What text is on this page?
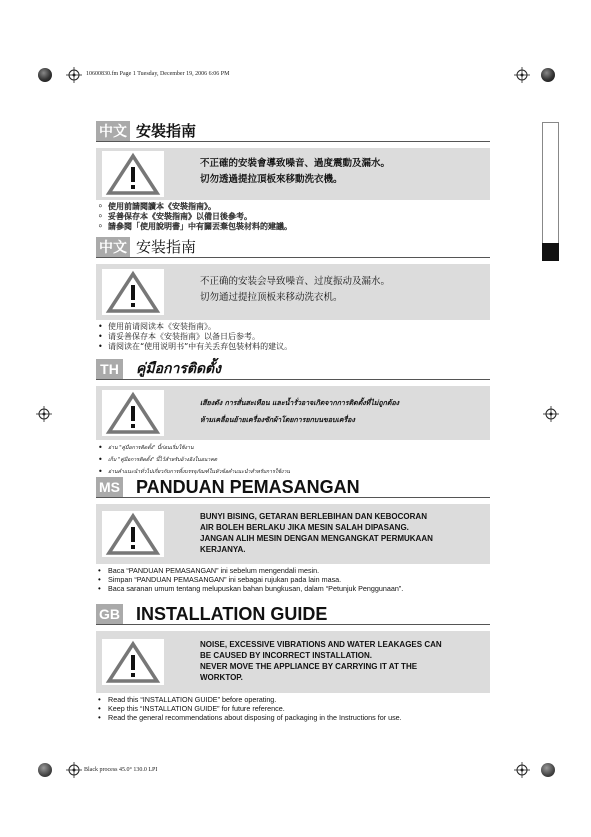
10600830.fm Page 1 Tuesday, December 19, 2006 6:06 PM
中文 安裝指南
不正確的安裝會導致噪音、過度震動及漏水。
切勿透過提拉頂板來移動洗衣機。
• 使用前請閱讀本《安裝指南》。
• 妥善保存本《安裝指南》以備日後參考。
• 請參閱「使用說明書」中有關丟棄包裝材料的建議。
中文 安装指南
不正确的安装会导致噪音、过度振动及漏水。
切勿通过提拉顶板来移动洗衣机。
• 使用前请阅读本《安装指南》。
• 请妥善保存本《安装指南》以备日后参考。
• 请阅读在“使用说明书”中有关丢弃包装材料的建议。
TH คู่มือการติดตั้ง
เสียงดัง การสั่นสะเทือน และน้ำรั่วอาจเกิดจากการติดตั้งที่ไม่ถูกต้อง
ห้ามเคลื่อนย้ายเครื่องซักผ้าโดยการยกบนขอบเครื่อง
• อ่าน "คู่มือการติดตั้ง" นี้ก่อนเริ่มใช้งาน
• เก็บ "คู่มือการติดตั้ง" นี้ไว้สำหรับอ้างอิงในอนาคต
• อ่านคำแนะนำทั่วไปเกี่ยวกับการทิ้งบรรจุภัณฑ์ในหัวข้อคำแนะนำสำหรับการใช้งาน
MS PANDUAN PEMASANGAN
BUNYI BISING, GETARAN BERLEBIHAN DAN KEBOCORAN
AIR BOLEH BERLAKU JIKA MESIN SALAH DIPASANG.
JANGAN ALIH MESIN DENGAN MENGANGKAT PERMUKAAN
KERJANYA.
• Baca “PANDUAN PEMASANGAN” ini sebelum mengendali mesin.
• Simpan “PANDUAN PEMASANGAN” ini sebagai rujukan pada lain masa.
• Baca saranan umum tentang melupuskan bahan bungkusan, dalam “Petunjuk Penggunaan”.
GB INSTALLATION GUIDE
NOISE, EXCESSIVE VIBRATIONS AND WATER LEAKAGES CAN
BE CAUSED BY INCORRECT INSTALLATION.
NEVER MOVE THE APPLIANCE BY CARRYING IT AT THE
WORKTOP.
• Read this “INSTALLATION GUIDE” before operating.
• Keep this “INSTALLATION GUIDE” for future reference.
• Read the general recommendations about disposing of packaging in the Instructions for use.
Black process 45.0° 130.0 LPI
